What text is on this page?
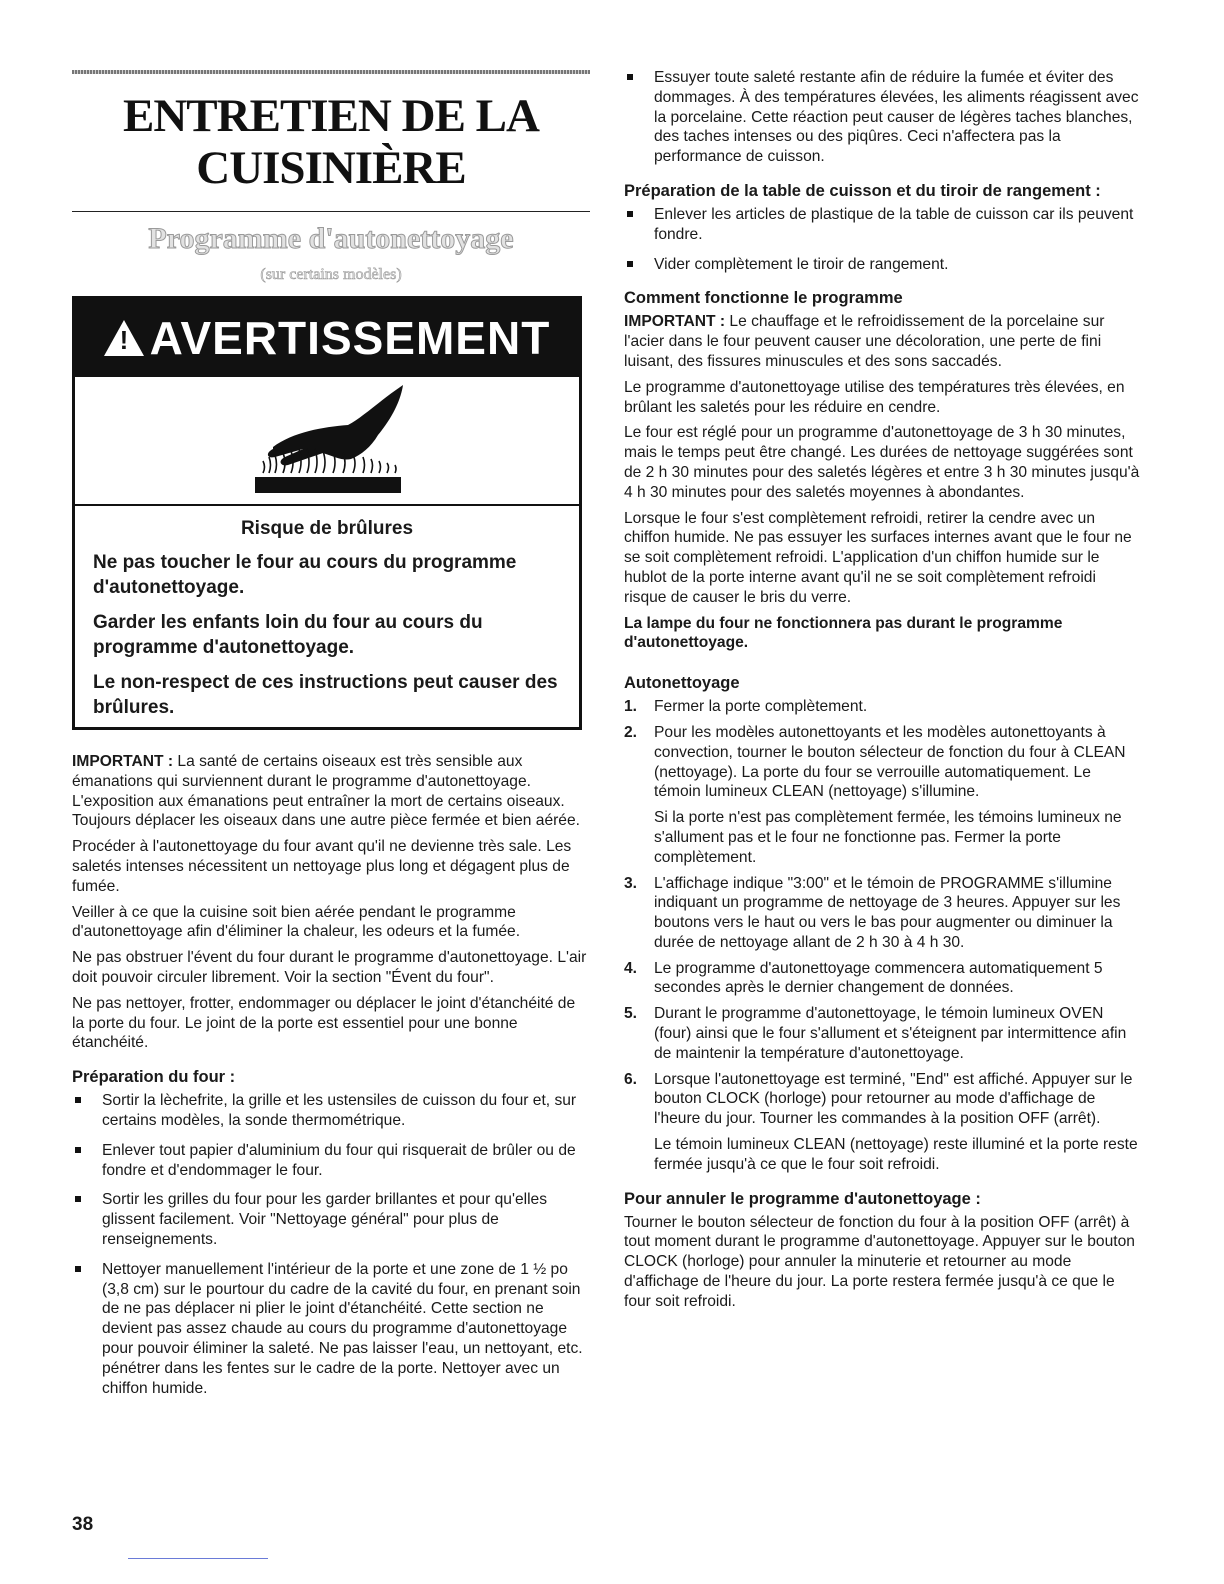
ENTRETIEN DE LA
CUISINIÈRE
Programme d'autonettoyage
(sur certains modèles)
!
AVERTISSEMENT
Risque de brûlures

Ne pas toucher le four au cours du programme d'autonettoyage.

Garder les enfants loin du four au cours du programme d'autonettoyage.

Le non-respect de ces instructions peut causer des brûlures.

IMPORTANT : La santé de certains oiseaux est très sensible aux émanations qui surviennent durant le programme d'autonettoyage. L'exposition aux émanations peut entraîner la mort de certains oiseaux. Toujours déplacer les oiseaux dans une autre pièce fermée et bien aérée.

Procéder à l'autonettoyage du four avant qu'il ne devienne très sale. Les saletés intenses nécessitent un nettoyage plus long et dégagent plus de fumée.

Veiller à ce que la cuisine soit bien aérée pendant le programme d'autonettoyage afin d'éliminer la chaleur, les odeurs et la fumée.

Ne pas obstruer l'évent du four durant le programme d'autonettoyage. L'air doit pouvoir circuler librement. Voir la section "Évent du four".

Ne pas nettoyer, frotter, endommager ou déplacer le joint d'étanchéité de la porte du four. Le joint de la porte est essentiel pour une bonne étanchéité.

Préparation du four :
Sortir la lèchefrite, la grille et les ustensiles de cuisson du four et, sur certains modèles, la sonde thermométrique.
Enlever tout papier d'aluminium du four qui risquerait de brûler ou de fondre et d'endommager le four.
Sortir les grilles du four pour les garder brillantes et pour qu'elles glissent facilement. Voir "Nettoyage général" pour plus de renseignements.
Nettoyer manuellement l'intérieur de la porte et une zone de 1 ½ po (3,8 cm) sur le pourtour du cadre de la cavité du four, en prenant soin de ne pas déplacer ni plier le joint d'étanchéité. Cette section ne devient pas assez chaude au cours du programme d'autonettoyage pour pouvoir éliminer la saleté. Ne pas laisser l'eau, un nettoyant, etc. pénétrer dans les fentes sur le cadre de la porte. Nettoyer avec un chiffon humide.
Essuyer toute saleté restante afin de réduire la fumée et éviter des dommages. À des températures élevées, les aliments réagissent avec la porcelaine. Cette réaction peut causer de légères taches blanches, des taches intenses ou des piqûres. Ceci n'affectera pas la performance de cuisson.
Préparation de la table de cuisson et du tiroir de rangement :
Enlever les articles de plastique de la table de cuisson car ils peuvent fondre.
Vider complètement le tiroir de rangement.
Comment fonctionne le programme

IMPORTANT : Le chauffage et le refroidissement de la porcelaine sur l'acier dans le four peuvent causer une décoloration, une perte de fini luisant, des fissures minuscules et des sons saccadés.

Le programme d'autonettoyage utilise des températures très élevées, en brûlant les saletés pour les réduire en cendre.

Le four est réglé pour un programme d'autonettoyage de 3 h 30 minutes, mais le temps peut être changé. Les durées de nettoyage suggérées sont de 2 h 30 minutes pour des saletés légères et entre 3 h 30 minutes jusqu'à 4 h 30 minutes pour des saletés moyennes à abondantes.

Lorsque le four s'est complètement refroidi, retirer la cendre avec un chiffon humide. Ne pas essuyer les surfaces internes avant que le four ne se soit complètement refroidi. L'application d'un chiffon humide sur le hublot de la porte interne avant qu'il ne se soit complètement refroidi risque de causer le bris du verre.

La lampe du four ne fonctionnera pas durant le programme d'autonettoyage.

Autonettoyage
1. Fermer la porte complètement.
2. Pour les modèles autonettoyants et les modèles autonettoyants à convection, tourner le bouton sélecteur de fonction du four à CLEAN (nettoyage). La porte du four se verrouille automatiquement. Le témoin lumineux CLEAN (nettoyage) s'illumine.
Si la porte n'est pas complètement fermée, les témoins lumineux ne s'allument pas et le four ne fonctionne pas. Fermer la porte complètement.
3. L'affichage indique "3:00" et le témoin de PROGRAMME s'illumine indiquant un programme de nettoyage de 3 heures. Appuyer sur les boutons vers le haut ou vers le bas pour augmenter ou diminuer la durée de nettoyage allant de 2 h 30 à 4 h 30.
4. Le programme d'autonettoyage commencera automatiquement 5 secondes après le dernier changement de données.
5. Durant le programme d'autonettoyage, le témoin lumineux OVEN (four) ainsi que le four s'allument et s'éteignent par intermittence afin de maintenir la température d'autonettoyage.
6. Lorsque l'autonettoyage est terminé, "End" est affiché. Appuyer sur le bouton CLOCK (horloge) pour retourner au mode d'affichage de l'heure du jour. Tourner les commandes à la position OFF (arrêt).
Le témoin lumineux CLEAN (nettoyage) reste illuminé et la porte reste fermée jusqu'à ce que le four soit refroidi.
Pour annuler le programme d'autonettoyage :

Tourner le bouton sélecteur de fonction du four à la position OFF (arrêt) à tout moment durant le programme d'autonettoyage. Appuyer sur le bouton CLOCK (horloge) pour annuler la minuterie et retourner au mode d'affichage de l'heure du jour. La porte restera fermée jusqu'à ce que le four soit refroidi.

38
